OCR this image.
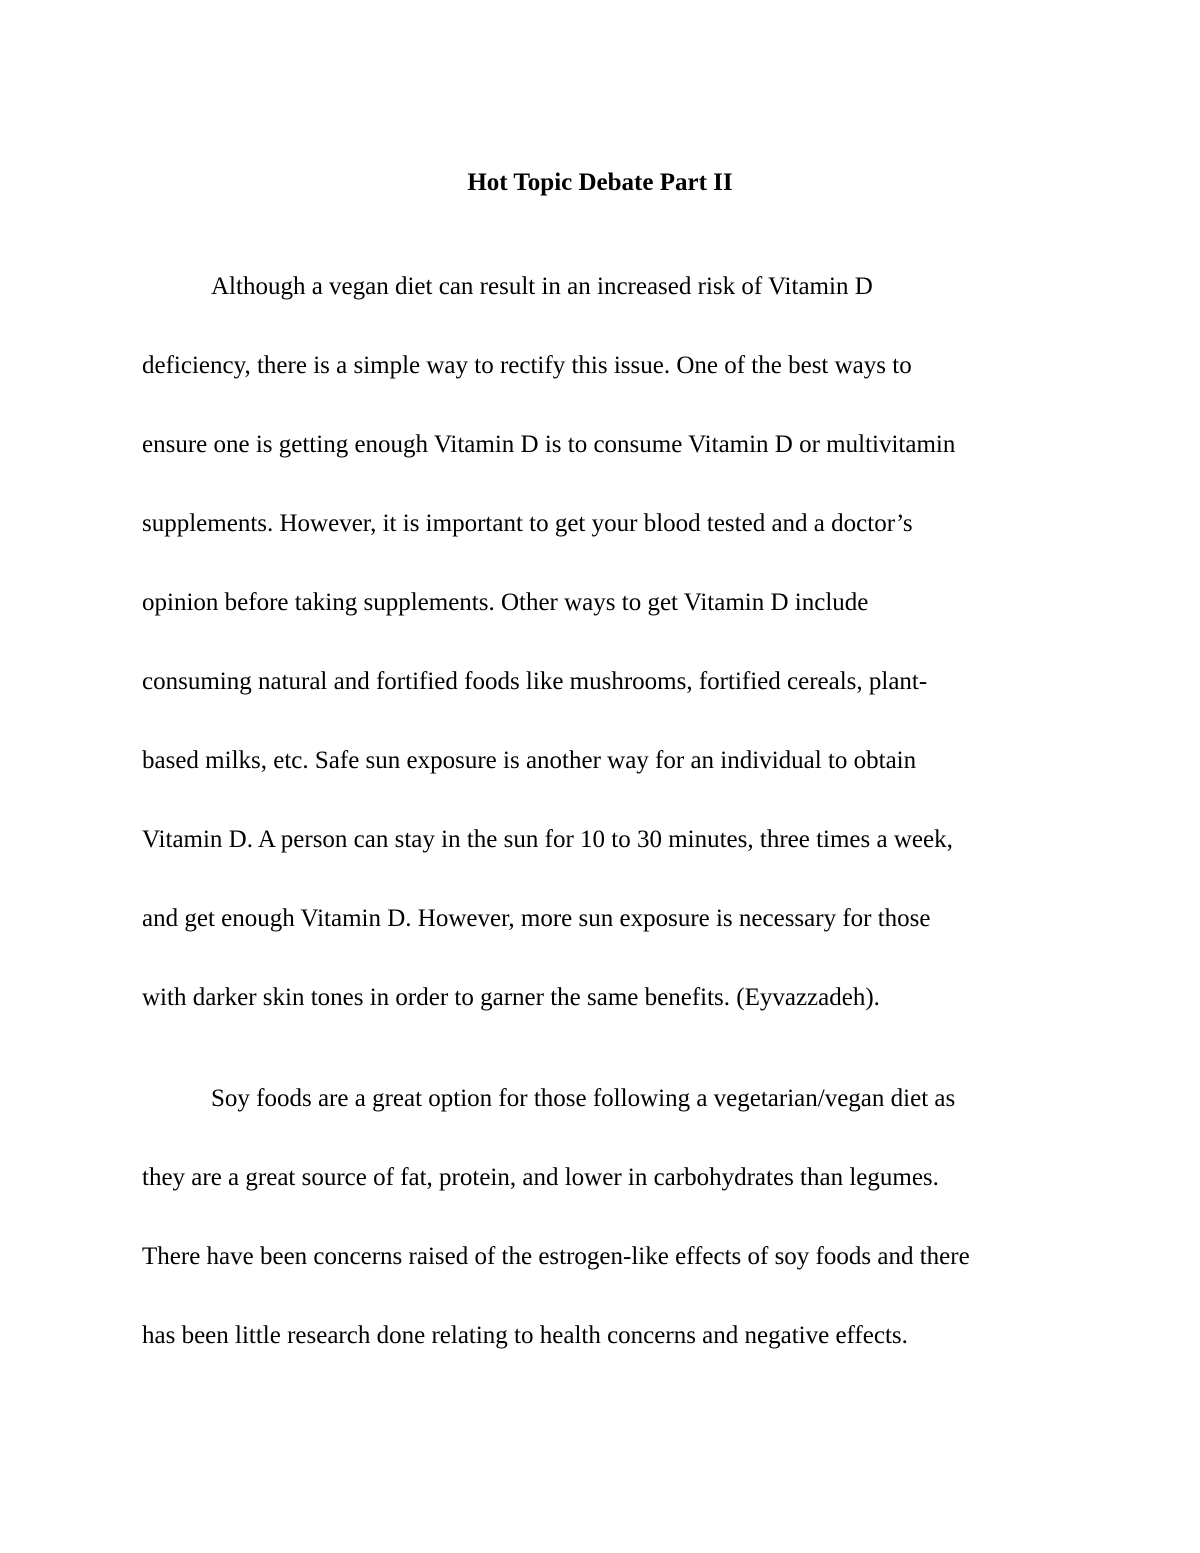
Hot Topic Debate Part II

Although a vegan diet can result in an increased risk of Vitamin D

deficiency, there is a simple way to rectify this issue. One of the best ways to

ensure one is getting enough Vitamin D is to consume Vitamin D or multivitamin

supplements. However, it is important to get your blood tested and a doctor’s

opinion before taking supplements. Other ways to get Vitamin D include

consuming natural and fortified foods like mushrooms, fortified cereals, plant-

based milks, etc. Safe sun exposure is another way for an individual to obtain

Vitamin D. A person can stay in the sun for 10 to 30 minutes, three times a week,

and get enough Vitamin D. However, more sun exposure is necessary for those

with darker skin tones in order to garner the same benefits. (Eyvazzadeh).

Soy foods are a great option for those following a vegetarian/vegan diet as

they are a great source of fat, protein, and lower in carbohydrates than legumes.

There have been concerns raised of the estrogen-like effects of soy foods and there

has been little research done relating to health concerns and negative effects.
